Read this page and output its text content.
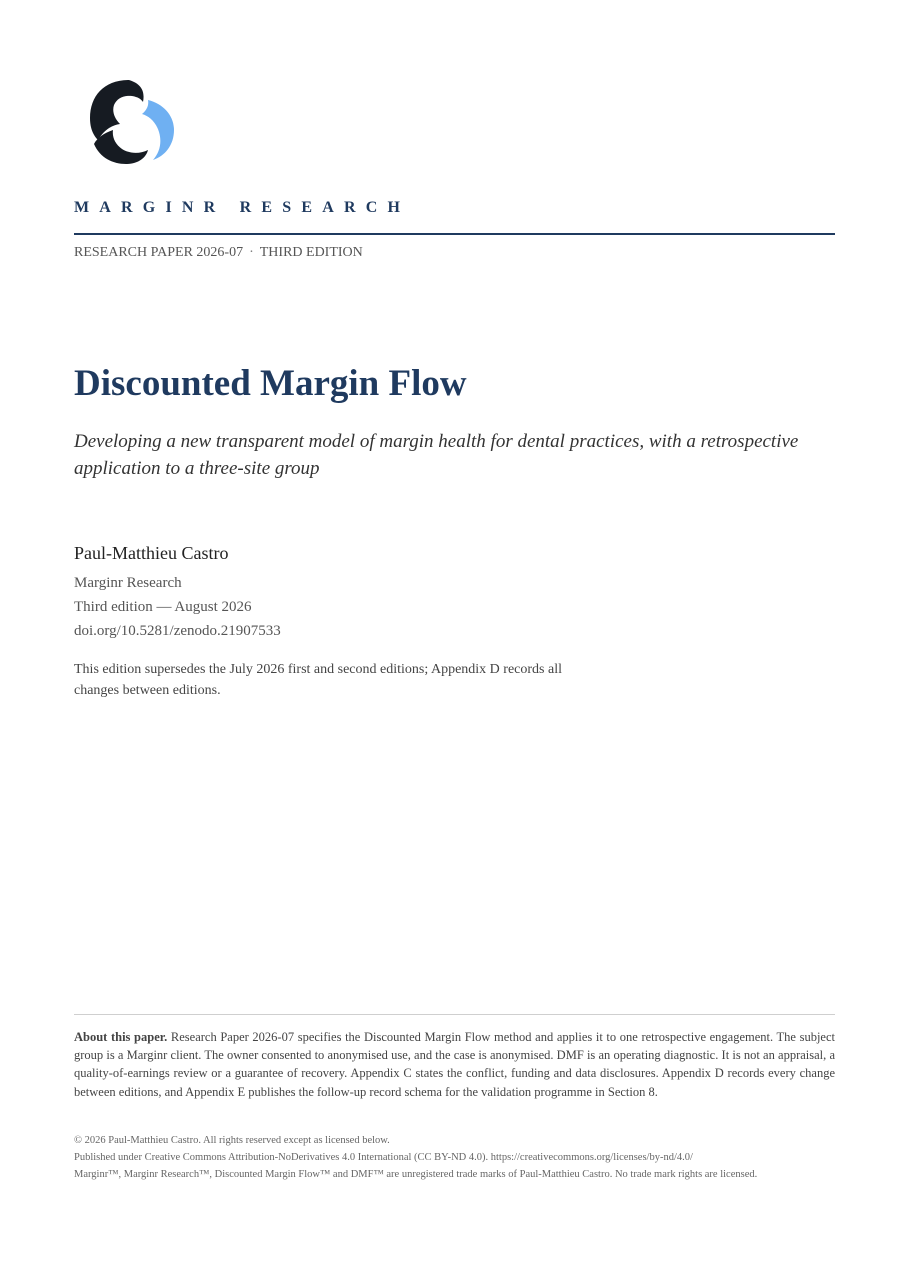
MARGINR RESEARCH
RESEARCH PAPER 2026-07 · THIRD EDITION
Discounted Margin Flow

Developing a new transparent model of margin health for dental practices, with a retrospective application to a three-site group

Paul-Matthieu Castro
Marginr Research
Third edition — August 2026
doi.org/10.5281/zenodo.21907533
This edition supersedes the July 2026 first and second editions; Appendix D records all changes between editions.

About this paper. Research Paper 2026-07 specifies the Discounted Margin Flow method and applies it to one retrospective engagement. The subject group is a Marginr client. The owner consented to anonymised use, and the case is anonymised. DMF is an operating diagnostic. It is not an appraisal, a quality-of-earnings review or a guarantee of recovery. Appendix C states the conflict, funding and data disclosures. Appendix D records every change between editions, and Appendix E publishes the follow-up record schema for the validation programme in Section 8.

© 2026 Paul-Matthieu Castro. All rights reserved except as licensed below.
Published under Creative Commons Attribution-NoDerivatives 4.0 International (CC BY-ND 4.0). https://creativecommons.org/licenses/by-nd/4.0/
Marginr™, Marginr Research™, Discounted Margin Flow™ and DMF™ are unregistered trade marks of Paul-Matthieu Castro. No trade mark rights are licensed.
